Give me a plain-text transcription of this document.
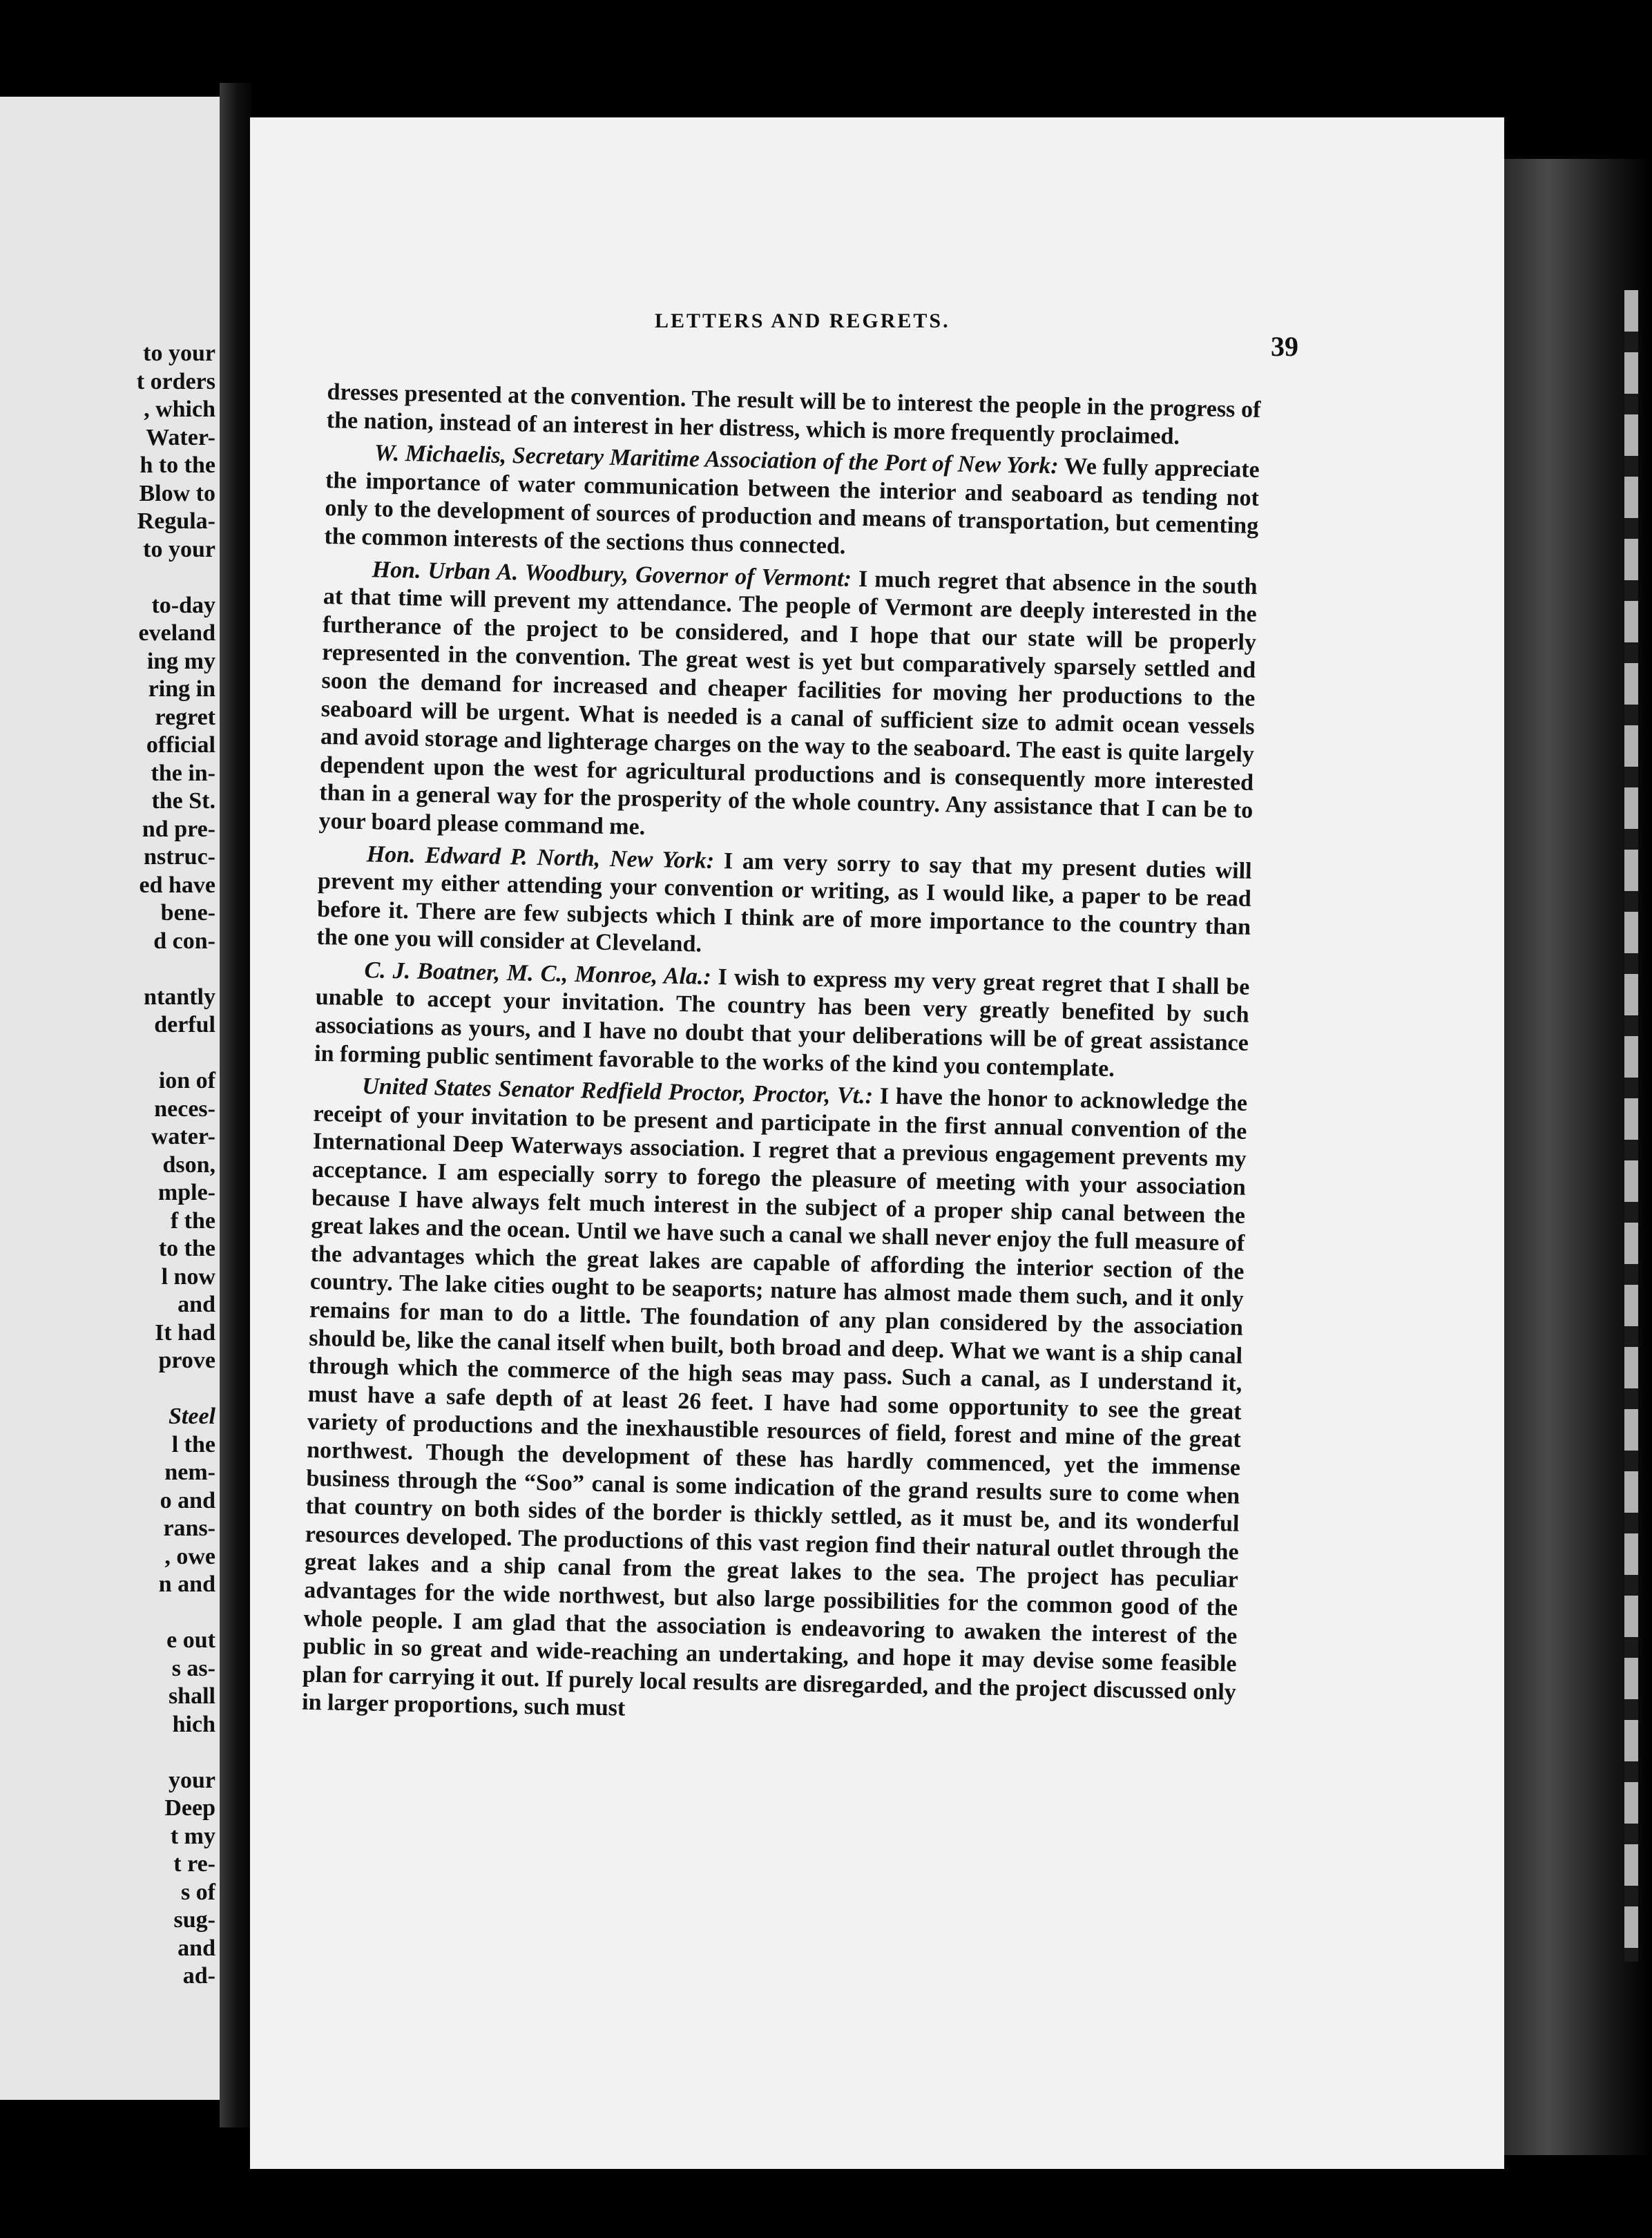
to your
t orders
, which
Water-
h to the
Blow to
Regula-
to your
to-day
eveland
ing my
ring in
regret
official
the in-
the St.
nd pre-
nstruc-
ed have
bene-
d con-
ntantly
derful
ion of
neces-
water-
dson,
mple-
f the
to the
l now
and
It had
prove
Steel
l the
nem-
o and
rans-
, owe
n and
e out
s as-
shall
hich
your
Deep
t my
t re-
s of
sug-
and
ad-
LETTERS AND REGRETS.
39

dresses presented at the convention. The result will be to interest the people in the progress of the nation, instead of an interest in her distress, which is more frequently proclaimed.

W. Michaelis, Secretary Maritime Association of the Port of New York: We fully appreciate the importance of water communication between the interior and seaboard as tending not only to the development of sources of production and means of transportation, but cementing the common interests of the sections thus connected.

Hon. Urban A. Woodbury, Governor of Vermont: I much regret that absence in the south at that time will prevent my attendance. The people of Vermont are deeply interested in the furtherance of the project to be considered, and I hope that our state will be properly represented in the convention. The great west is yet but comparatively sparsely settled and soon the demand for increased and cheaper facilities for moving her productions to the seaboard will be urgent. What is needed is a canal of sufficient size to admit ocean vessels and avoid storage and lighterage charges on the way to the seaboard. The east is quite largely dependent upon the west for agricultural productions and is consequently more interested than in a general way for the prosperity of the whole country. Any assistance that I can be to your board please command me.

Hon. Edward P. North, New York: I am very sorry to say that my present duties will prevent my either attending your convention or writing, as I would like, a paper to be read before it. There are few subjects which I think are of more importance to the country than the one you will consider at Cleveland.

C. J. Boatner, M. C., Monroe, Ala.: I wish to express my very great regret that I shall be unable to accept your invitation. The country has been very greatly benefited by such associations as yours, and I have no doubt that your deliberations will be of great assistance in forming public sentiment favorable to the works of the kind you contemplate.

United States Senator Redfield Proctor, Proctor, Vt.: I have the honor to acknowledge the receipt of your invitation to be present and participate in the first annual convention of the International Deep Waterways association. I regret that a previous engagement prevents my acceptance. I am especially sorry to forego the pleasure of meeting with your association because I have always felt much interest in the subject of a proper ship canal between the great lakes and the ocean. Until we have such a canal we shall never enjoy the full measure of the advantages which the great lakes are capable of affording the interior section of the country. The lake cities ought to be seaports; nature has almost made them such, and it only remains for man to do a little. The foundation of any plan considered by the association should be, like the canal itself when built, both broad and deep. What we want is a ship canal through which the commerce of the high seas may pass. Such a canal, as I understand it, must have a safe depth of at least 26 feet. I have had some opportunity to see the great variety of productions and the inexhaustible resources of field, forest and mine of the great northwest. Though the development of these has hardly commenced, yet the immense business through the “Soo” canal is some indication of the grand results sure to come when that country on both sides of the border is thickly settled, as it must be, and its wonderful resources developed. The productions of this vast region find their natural outlet through the great lakes and a ship canal from the great lakes to the sea. The project has peculiar advantages for the wide northwest, but also large possibilities for the common good of the whole people. I am glad that the association is endeavoring to awaken the interest of the public in so great and wide-reaching an undertaking, and hope it may devise some feasible plan for carrying it out. If purely local results are disregarded, and the project discussed only in larger proportions, such must
